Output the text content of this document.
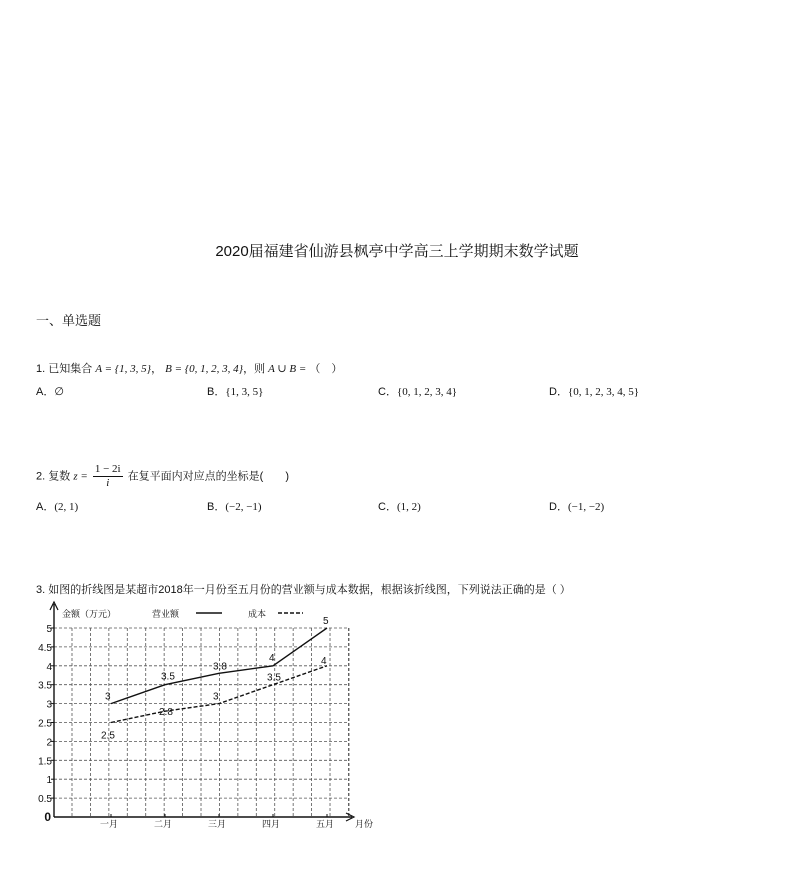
2020届福建省仙游县枫亭中学高三上学期期末数学试题
一、单选题
1. 已知集合 A = {1, 3, 5}， B = {0, 1, 2, 3, 4}，则 A ∪ B = （　）
A．∅	B．{1, 3, 5}	C．{0, 1, 2, 3, 4}	D．{0, 1, 2, 3, 4, 5}
2. 复数 $z = \frac{1 - 2i}{i}$ 在复平面内对应点的坐标是(　　)
A．(2, 1)	B．(−2, −1)	C．(1, 2)	D．(−1, −2)
3. 如图的折线图是某超市2018年一月份至五月份的营业额与成本数据，根据该折线图，下列说法正确的是（ ）
0
0.5
1
1.5
2
2.5
3
3.5
4
4.5
5
一月	二月	三月	四月	五月 月份
3
3.5
3.8
4
5
2.5
2.8
3
3.5
4
金额（万元）	营业额	成本
